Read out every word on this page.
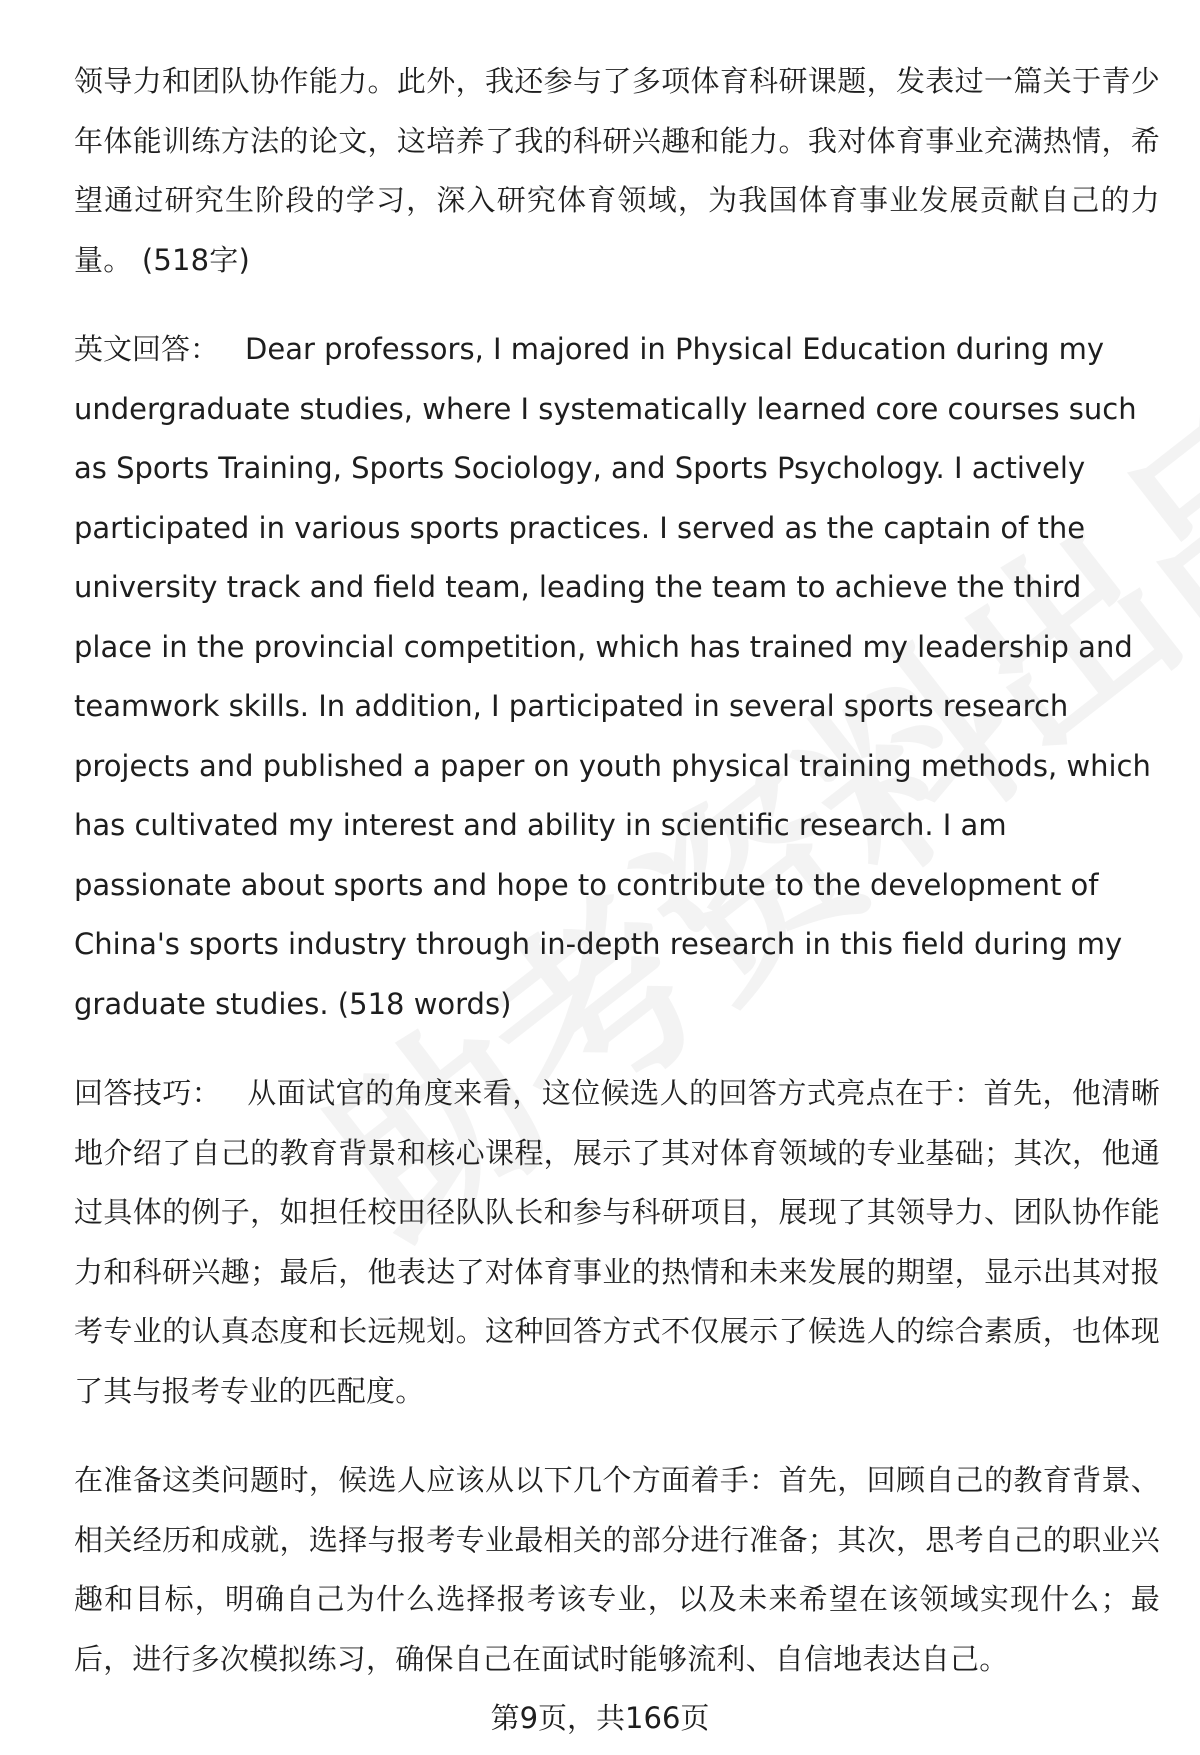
领导力和团队协作能力。此外，我还参与了多项体育科研课题，发表过一篇关于青少年体能训练方法的论文，这培养了我的科研兴趣和能力。我对体育事业充满热情，希望通过研究生阶段的学习，深入研究体育领域，为我国体育事业发展贡献自己的力量。 (518字)

英文回答： Dear professors, I majored in Physical Education during my undergraduate studies, where I systematically learned core courses such as Sports Training, Sports Sociology, and Sports Psychology. I actively participated in various sports practices. I served as the captain of the university track and field team, leading the team to achieve the third place in the provincial competition, which has trained my leadership and teamwork skills. In addition, I participated in several sports research projects and published a paper on youth physical training methods, which has cultivated my interest and ability in scientific research. I am passionate about sports and hope to contribute to the development of China's sports industry through in-depth research in this field during my graduate studies. (518 words)

回答技巧： 从面试官的角度来看，这位候选人的回答方式亮点在于：首先，他清晰地介绍了自己的教育背景和核心课程，展示了其对体育领域的专业基础；其次，他通过具体的例子，如担任校田径队队长和参与科研项目，展现了其领导力、团队协作能力和科研兴趣；最后，他表达了对体育事业的热情和未来发展的期望，显示出其对报考专业的认真态度和长远规划。这种回答方式不仅展示了候选人的综合素质，也体现了其与报考专业的匹配度。

在准备这类问题时，候选人应该从以下几个方面着手：首先，回顾自己的教育背景、相关经历和成就，选择与报考专业最相关的部分进行准备；其次，思考自己的职业兴趣和目标，明确自己为什么选择报考该专业，以及未来希望在该领域实现什么；最后，进行多次模拟练习，确保自己在面试时能够流利、自信地表达自己。

第9页，共166页
